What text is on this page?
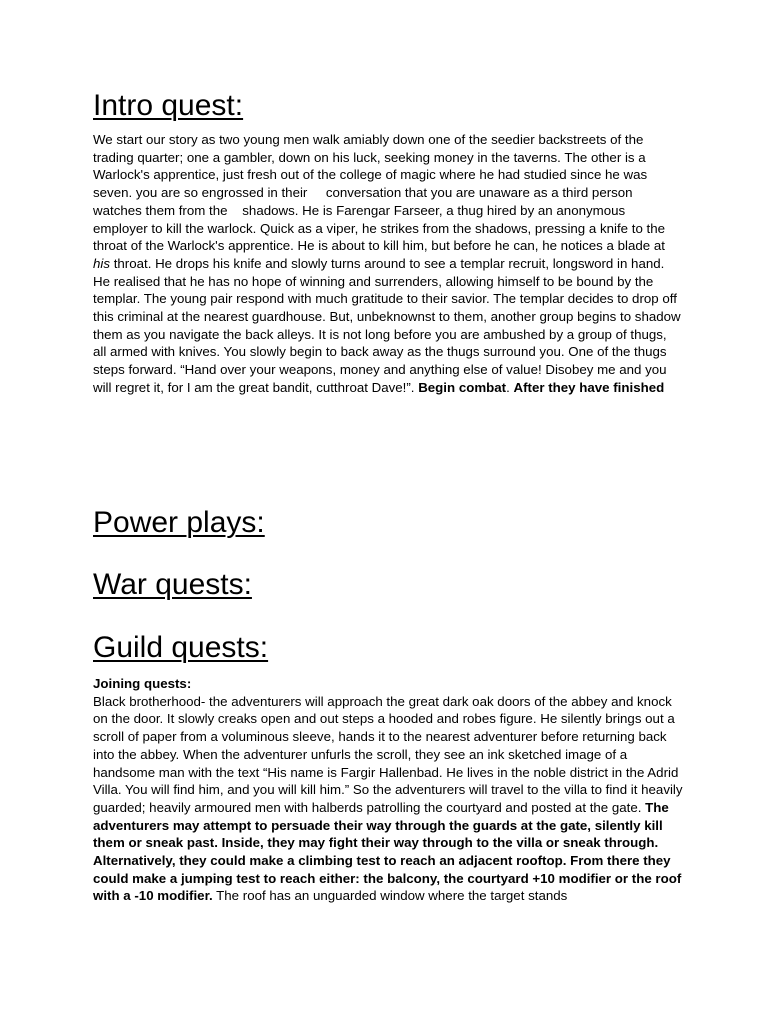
Intro quest:

We start our story as two young men walk amiably down one of the seedier backstreets of the trading quarter; one a gambler, down on his luck, seeking money in the taverns. The other is a Warlock's apprentice, just fresh out of the college of magic where he had studied since he was seven. you are so engrossed in their     conversation that you are unaware as a third person watches them from the    shadows. He is Farengar Farseer, a thug hired by an anonymous employer to kill the warlock. Quick as a viper, he strikes from the shadows, pressing a knife to the throat of the Warlock's apprentice. He is about to kill him, but before he can, he notices a blade at his throat. He drops his knife and slowly turns around to see a templar recruit, longsword in hand. He realised that he has no hope of winning and surrenders, allowing himself to be bound by the templar. The young pair respond with much gratitude to their savior. The templar decides to drop off this criminal at the nearest guardhouse. But, unbeknownst to them, another group begins to shadow them as you navigate the back alleys. It is not long before you are ambushed by a group of thugs, all armed with knives. You slowly begin to back away as the thugs surround you. One of the thugs steps forward. “Hand over your weapons, money and anything else of value! Disobey me and you will regret it, for I am the great bandit, cutthroat Dave!”. Begin combat. After they have finished

Power plays:
War quests:
Guild quests:

Joining quests:
Black brotherhood- the adventurers will approach the great dark oak doors of the abbey and knock on the door. It slowly creaks open and out steps a hooded and robes figure. He silently brings out a scroll of paper from a voluminous sleeve, hands it to the nearest adventurer before returning back into the abbey. When the adventurer unfurls the scroll, they see an ink sketched image of a handsome man with the text “His name is Fargir Hallenbad. He lives in the noble district in the Adrid Villa. You will find him, and you will kill him.” So the adventurers will travel to the villa to find it heavily guarded; heavily armoured men with halberds patrolling the courtyard and posted at the gate. The adventurers may attempt to persuade their way through the guards at the gate, silently kill them or sneak past. Inside, they may fight their way through to the villa or sneak through. Alternatively, they could make a climbing test to reach an adjacent rooftop. From there they could make a jumping test to reach either: the balcony, the courtyard +10 modifier or the roof with a -10 modifier. The roof has an unguarded window where the target stands
